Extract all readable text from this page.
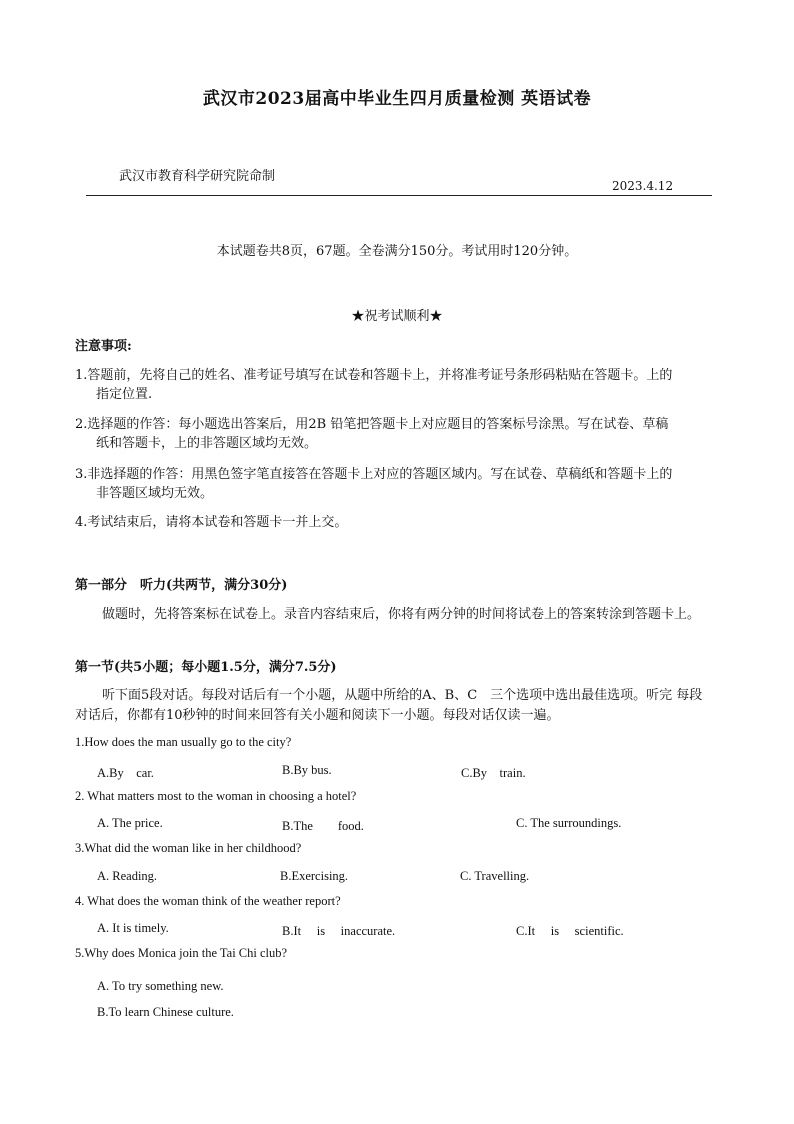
武汉市2023届高中毕业生四月质量检测 英语试卷
武汉市教育科学研究院命制
2023.4.12
本试题卷共8页，67题。全卷满分150分。考试用时120分钟。
★祝考试顺利★
注意事项:
1.答题前，先将自己的姓名、准考证号填写在试卷和答题卡上，并将准考证号条形码粘贴在答题卡。上的
指定位置.
2.选择题的作答：每小题选出答案后，用2B 铅笔把答题卡上对应题目的答案标号涂黑。写在试卷、草稿
纸和答题卡，上的非答题区域均无效。
3.非选择题的作答：用黑色签字笔直接答在答题卡上对应的答题区域内。写在试卷、草稿纸和答题卡上的
非答题区域均无效。
4.考试结束后，请将本试卷和答题卡一并上交。
第一部分　听力(共两节，满分30分)
做题时，先将答案标在试卷上。录音内容结束后，你将有两分钟的时间将试卷上的答案转涂到答题卡上。
第一节(共5小题；每小题1.5分，满分7.5分)
听下面5段对话。每段对话后有一个小题，从题中所给的A、B、C　三个选项中选出最佳选项。听完 每段对话后，你都有10秒钟的时间来回答有关小题和阅读下一小题。每段对话仅读一遍。
1.How does the man usually go to the city?
A.By　car.	B.By bus.	C.By　train.
2. What matters most to the woman in choosing a hotel?
A. The price.	B.The　　food.	C. The surroundings.
3.What did the woman like in her childhood?
A. Reading.	B.Exercising.	C. Travelling.
4. What does the woman think of the weather report?
A. It is timely.	B.It　 is　 inaccurate.	C.It　 is　 scientific.
5.Why does Monica join the Tai Chi club?
A. To try something new.
B.To learn Chinese culture.
